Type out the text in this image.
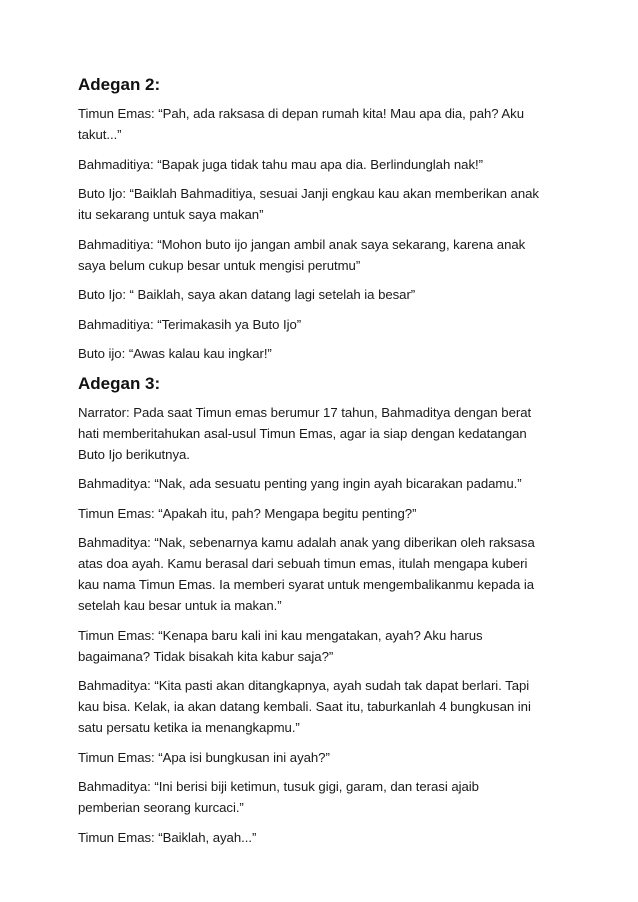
Adegan 2:
Timun Emas: “Pah, ada raksasa di depan rumah kita! Mau apa dia, pah? Aku
takut...”
Bahmaditiya: “Bapak juga tidak tahu mau apa dia. Berlindunglah nak!”
Buto Ijo: “Baiklah Bahmaditiya, sesuai Janji engkau kau akan memberikan anak
itu sekarang untuk saya makan”
Bahmaditiya: “Mohon buto ijo jangan ambil anak saya sekarang, karena anak
saya belum cukup besar untuk mengisi perutmu”
Buto Ijo: “ Baiklah, saya akan datang lagi setelah ia besar”
Bahmaditiya: “Terimakasih ya Buto Ijo”
Buto ijo: “Awas kalau kau ingkar!”
Adegan 3:
Narrator: Pada saat Timun emas berumur 17 tahun, Bahmaditya dengan berat
hati memberitahukan asal-usul Timun Emas, agar ia siap dengan kedatangan
Buto Ijo berikutnya.
Bahmaditya: “Nak, ada sesuatu penting yang ingin ayah bicarakan padamu.”
Timun Emas: “Apakah itu, pah? Mengapa begitu penting?”
Bahmaditya: “Nak, sebenarnya kamu adalah anak yang diberikan oleh raksasa
atas doa ayah. Kamu berasal dari sebuah timun emas, itulah mengapa kuberi
kau nama Timun Emas. Ia memberi syarat untuk mengembalikanmu kepada ia
setelah kau besar untuk ia makan.”
Timun Emas: “Kenapa baru kali ini kau mengatakan, ayah? Aku harus
bagaimana? Tidak bisakah kita kabur saja?”
Bahmaditya: “Kita pasti akan ditangkapnya, ayah sudah tak dapat berlari. Tapi
kau bisa. Kelak, ia akan datang kembali. Saat itu, taburkanlah 4 bungkusan ini
satu persatu ketika ia menangkapmu.”
Timun Emas: “Apa isi bungkusan ini ayah?”
Bahmaditya: “Ini berisi biji ketimun, tusuk gigi, garam, dan terasi ajaib
pemberian seorang kurcaci.”
Timun Emas: “Baiklah, ayah...”
